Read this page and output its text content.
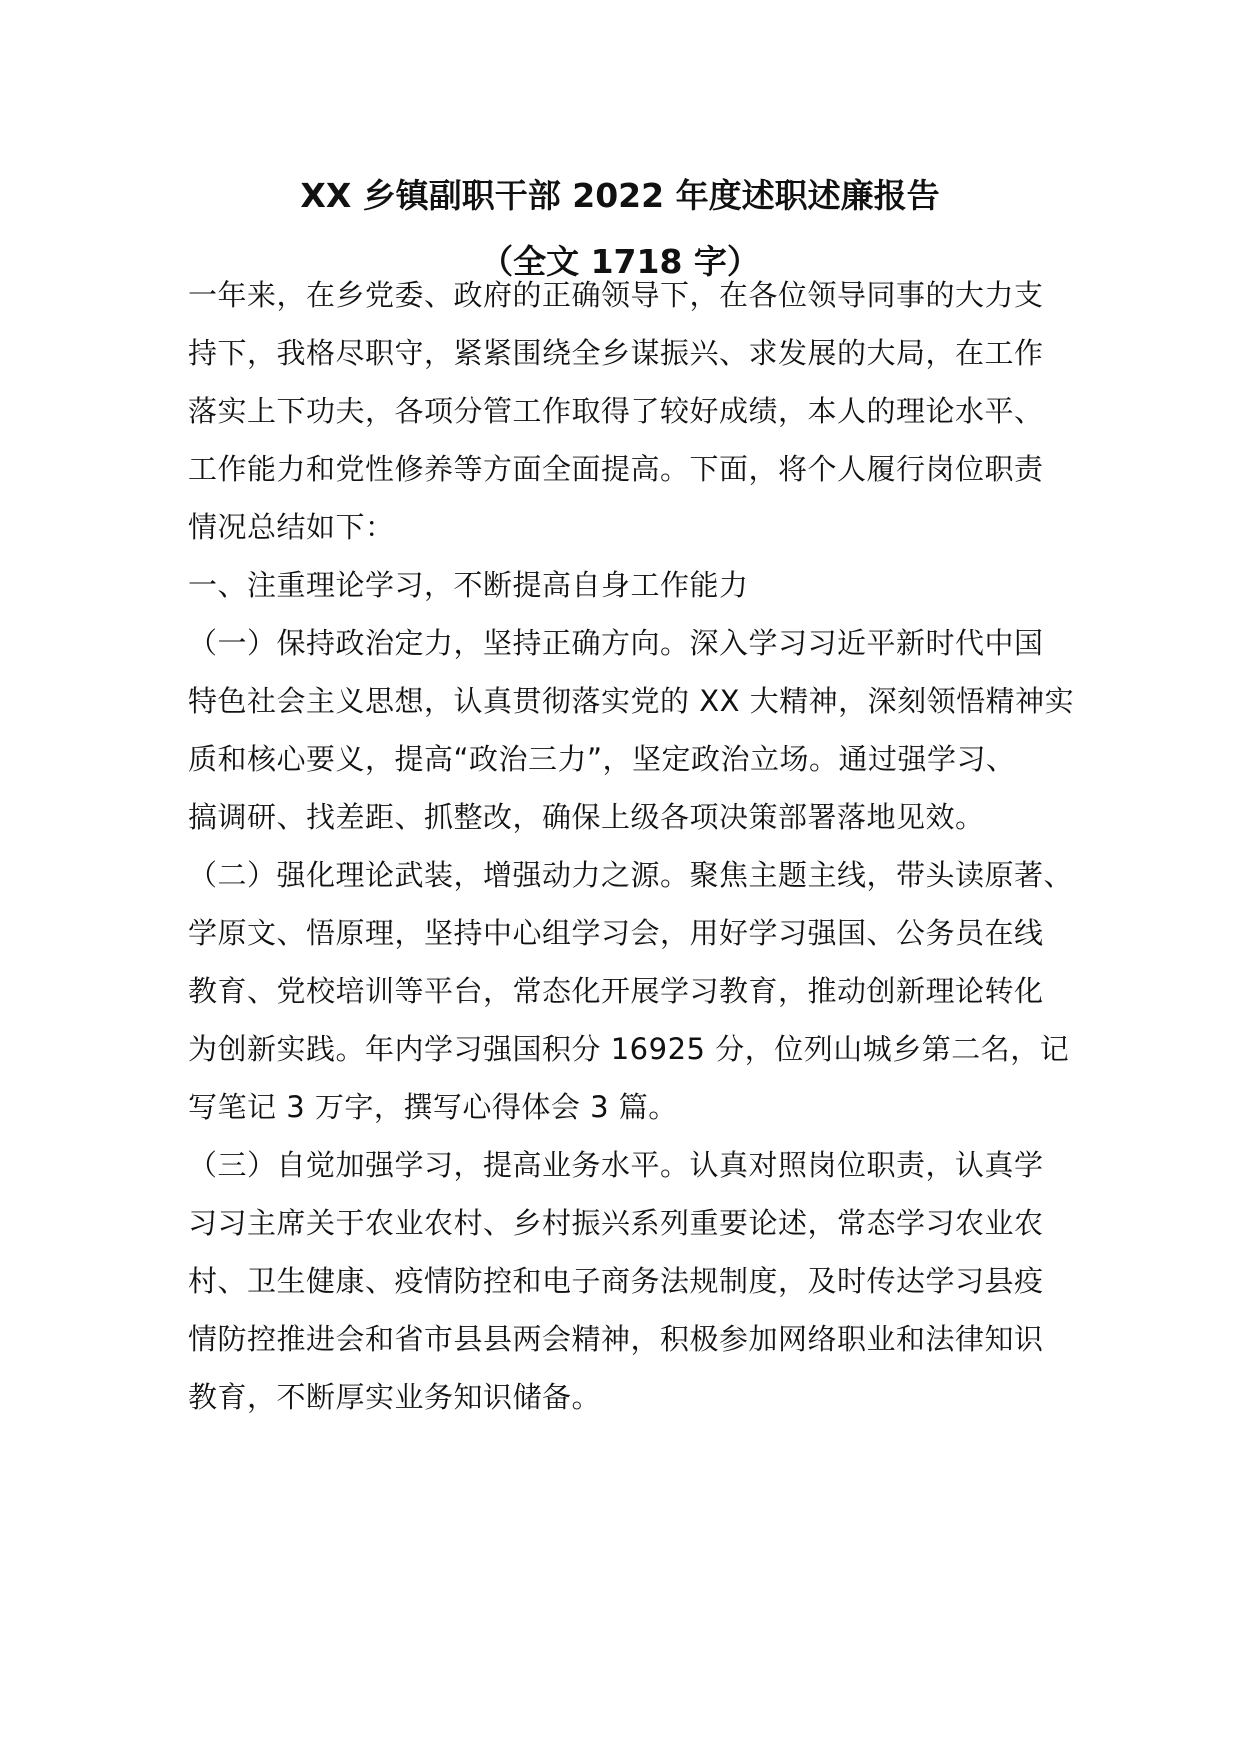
XX 乡镇副职干部 2022 年度述职述廉报告
（全文 1718 字）

一年来，在乡党委、政府的正确领导下，在各位领导同事的大力支

持下，我格尽职守，紧紧围绕全乡谋振兴、求发展的大局，在工作

落实上下功夫，各项分管工作取得了较好成绩，本人的理论水平、

工作能力和党性修养等方面全面提高。下面，将个人履行岗位职责

情况总结如下：

一、注重理论学习，不断提高自身工作能力

（一）保持政治定力，坚持正确方向。深入学习习近平新时代中国

特色社会主义思想，认真贯彻落实党的 XX 大精神，深刻领悟精神实

质和核心要义，提高“政治三力”，坚定政治立场。通过强学习、

搞调研、找差距、抓整改，确保上级各项决策部署落地见效。

（二）强化理论武装，增强动力之源。聚焦主题主线，带头读原著、

学原文、悟原理，坚持中心组学习会，用好学习强国、公务员在线

教育、党校培训等平台，常态化开展学习教育，推动创新理论转化

为创新实践。年内学习强国积分 16925 分，位列山城乡第二名，记

写笔记 3 万字，撰写心得体会 3 篇。

（三）自觉加强学习，提高业务水平。认真对照岗位职责，认真学

习习主席关于农业农村、乡村振兴系列重要论述，常态学习农业农

村、卫生健康、疫情防控和电子商务法规制度，及时传达学习县疫

情防控推进会和省市县县两会精神，积极参加网络职业和法律知识

教育，不断厚实业务知识储备。
